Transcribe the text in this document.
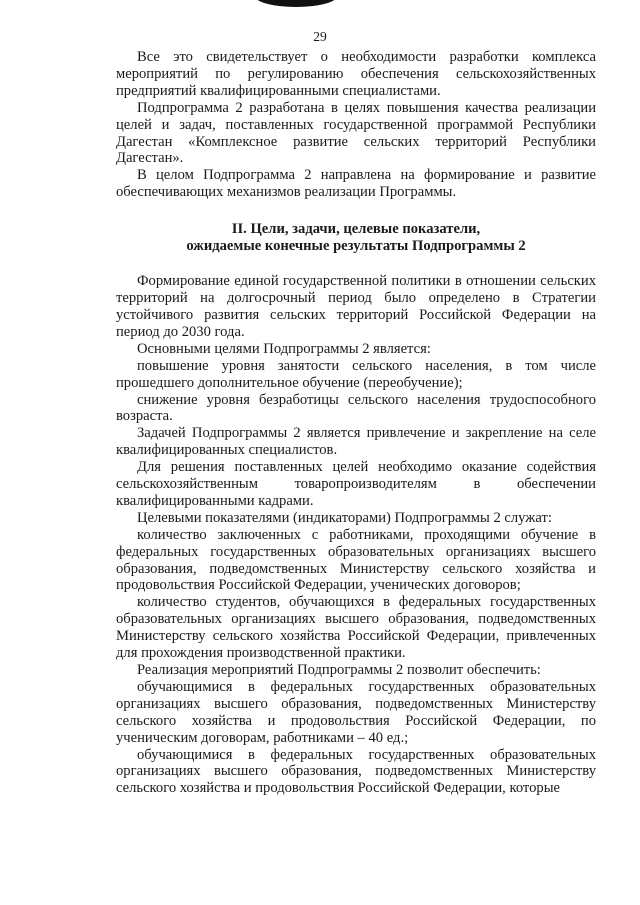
29

Все это свидетельствует о необходимости разработки комплекса мероприятий по регулированию обеспечения сельскохозяйственных предприятий квалифицированными специалистами.

Подпрограмма 2 разработана в целях повышения качества реализации целей и задач, поставленных государственной программой Республики Дагестан «Комплексное развитие сельских территорий Республики Дагестан».

В целом Подпрограмма 2 направлена на формирование и развитие обеспечивающих механизмов реализации Программы.

II. Цели, задачи, целевые показатели,
ожидаемые конечные результаты Подпрограммы 2

Формирование единой государственной политики в отношении сельских территорий на долгосрочный период было определено в Стратегии устойчивого развития сельских территорий Российской Федерации на период до 2030 года.

Основными целями Подпрограммы 2 является:

повышение уровня занятости сельского населения, в том числе прошедшего дополнительное обучение (переобучение);

снижение уровня безработицы сельского населения трудоспособного возраста.

Задачей Подпрограммы 2 является привлечение и закрепление на селе квалифицированных специалистов.

Для решения поставленных целей необходимо оказание содействия сельскохозяйственным товаропроизводителям в обеспечении квалифицированными кадрами.

Целевыми показателями (индикаторами) Подпрограммы 2 служат:

количество заключенных с работниками, проходящими обучение в федеральных государственных образовательных организациях высшего образования, подведомственных Министерству сельского хозяйства и продовольствия Российской Федерации, ученических договоров;

количество студентов, обучающихся в федеральных государственных образовательных организациях высшего образования, подведомственных Министерству сельского хозяйства Российской Федерации, привлеченных для прохождения производственной практики.

Реализация мероприятий Подпрограммы 2 позволит обеспечить:

обучающимися в федеральных государственных образовательных организациях высшего образования, подведомственных Министерству сельского хозяйства и продовольствия Российской Федерации, по ученическим договорам, работниками – 40 ед.;

обучающимися в федеральных государственных образовательных организациях высшего образования, подведомственных Министерству сельского хозяйства и продовольствия Российской Федерации, которые
